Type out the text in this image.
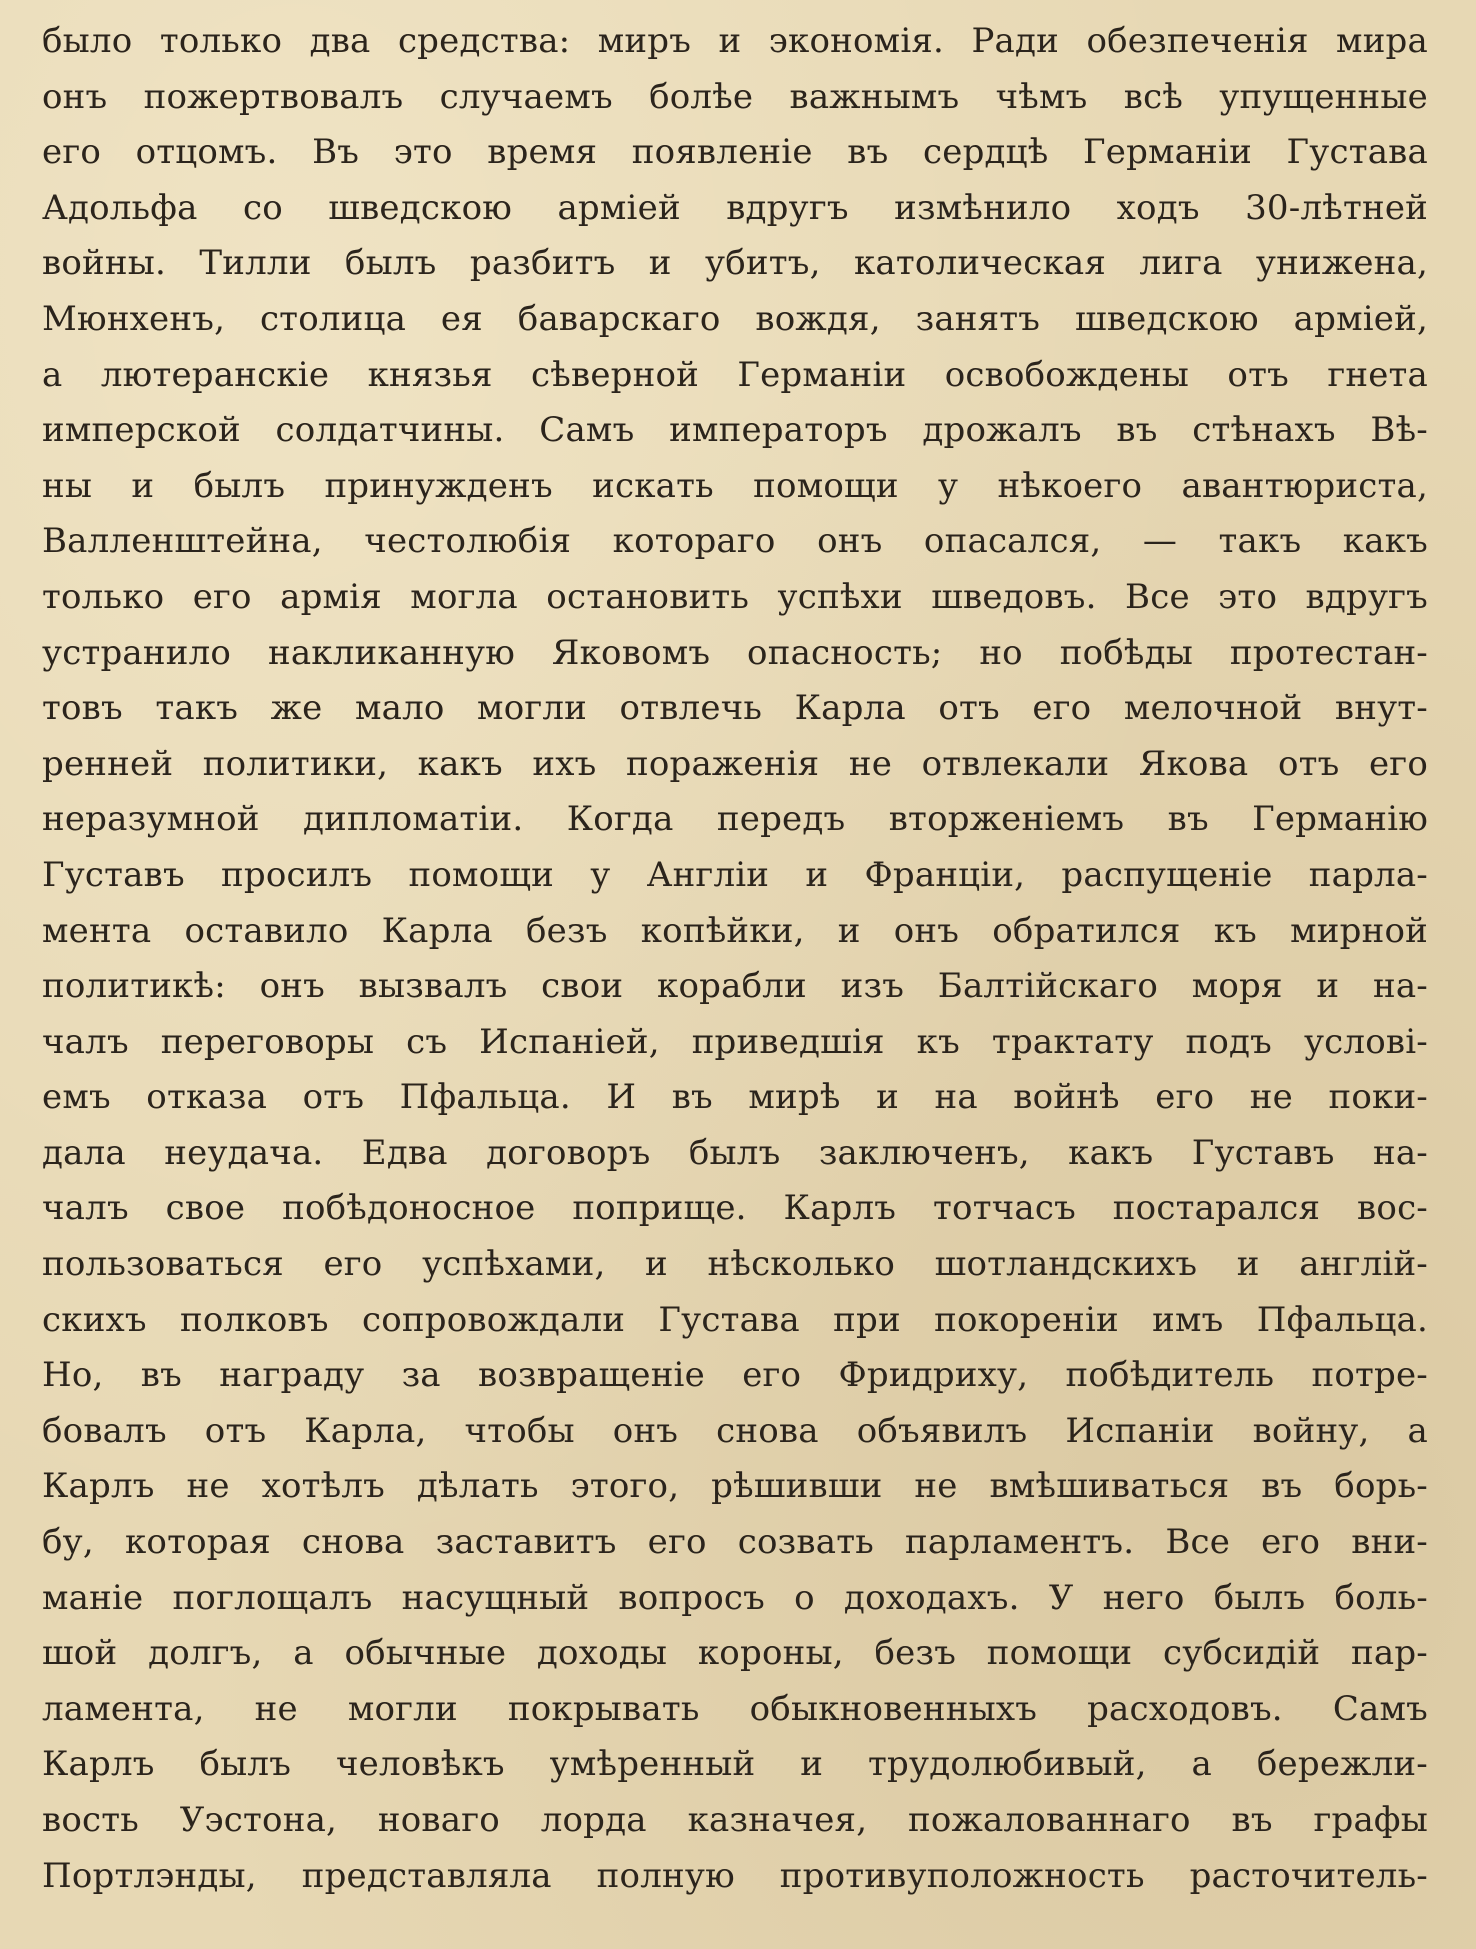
было только два средства: миръ и экономія. Ради обезпеченія мира
онъ пожертвовалъ случаемъ болѣе важнымъ чѣмъ всѣ упущенные
его отцомъ. Въ это время появленіе въ сердцѣ Германіи Густава
Адольфа со шведскою арміей вдругъ измѣнило ходъ 30-лѣтней
войны. Тилли былъ разбитъ и убитъ, католическая лига унижена,
Мюнхенъ, столица ея баварскаго вождя, занятъ шведскою арміей,
а лютеранскіе князья сѣверной Германіи освобождены отъ гнета
имперской солдатчины. Самъ императоръ дрожалъ въ стѣнахъ Вѣ-
ны и былъ принужденъ искать помощи у нѣкоего авантюриста,
Валленштейна, честолюбія котораго онъ опасался, — такъ какъ
только его армія могла остановить успѣхи шведовъ. Все это вдругъ
устранило накликанную Яковомъ опасность; но побѣды протестан-
товъ такъ же мало могли отвлечь Карла отъ его мелочной внут-
ренней политики, какъ ихъ пораженія не отвлекали Якова отъ его
неразумной дипломатіи. Когда передъ вторженіемъ въ Германію
Густавъ просилъ помощи у Англіи и Франціи, распущеніе парла-
мента оставило Карла безъ копѣйки, и онъ обратился къ мирной
политикѣ: онъ вызвалъ свои корабли изъ Балтійскаго моря и на-
чалъ переговоры съ Испаніей, приведшія къ трактату подъ услові-
емъ отказа отъ Пфальца. И въ мирѣ и на войнѣ его не поки-
дала неудача. Едва договоръ былъ заключенъ, какъ Густавъ на-
чалъ свое побѣдоносное поприще. Карлъ тотчасъ постарался вос-
пользоваться его успѣхами, и нѣсколько шотландскихъ и англій-
скихъ полковъ сопровождали Густава при покореніи имъ Пфальца.
Но, въ награду за возвращеніе его Фридриху, побѣдитель потре-
бовалъ отъ Карла, чтобы онъ снова объявилъ Испаніи войну, а
Карлъ не хотѣлъ дѣлать этого, рѣшивши не вмѣшиваться въ борь-
бу, которая снова заставитъ его созвать парламентъ. Все его вни-
маніе поглощалъ насущный вопросъ о доходахъ. У него былъ боль-
шой долгъ, а обычные доходы короны, безъ помощи субсидій пар-
ламента, не могли покрывать обыкновенныхъ расходовъ. Самъ
Карлъ былъ человѣкъ умѣренный и трудолюбивый, а бережли-
вость Уэстона, новаго лорда казначея, пожалованнаго въ графы
Портлэнды, представляла полную противуположность расточитель-
